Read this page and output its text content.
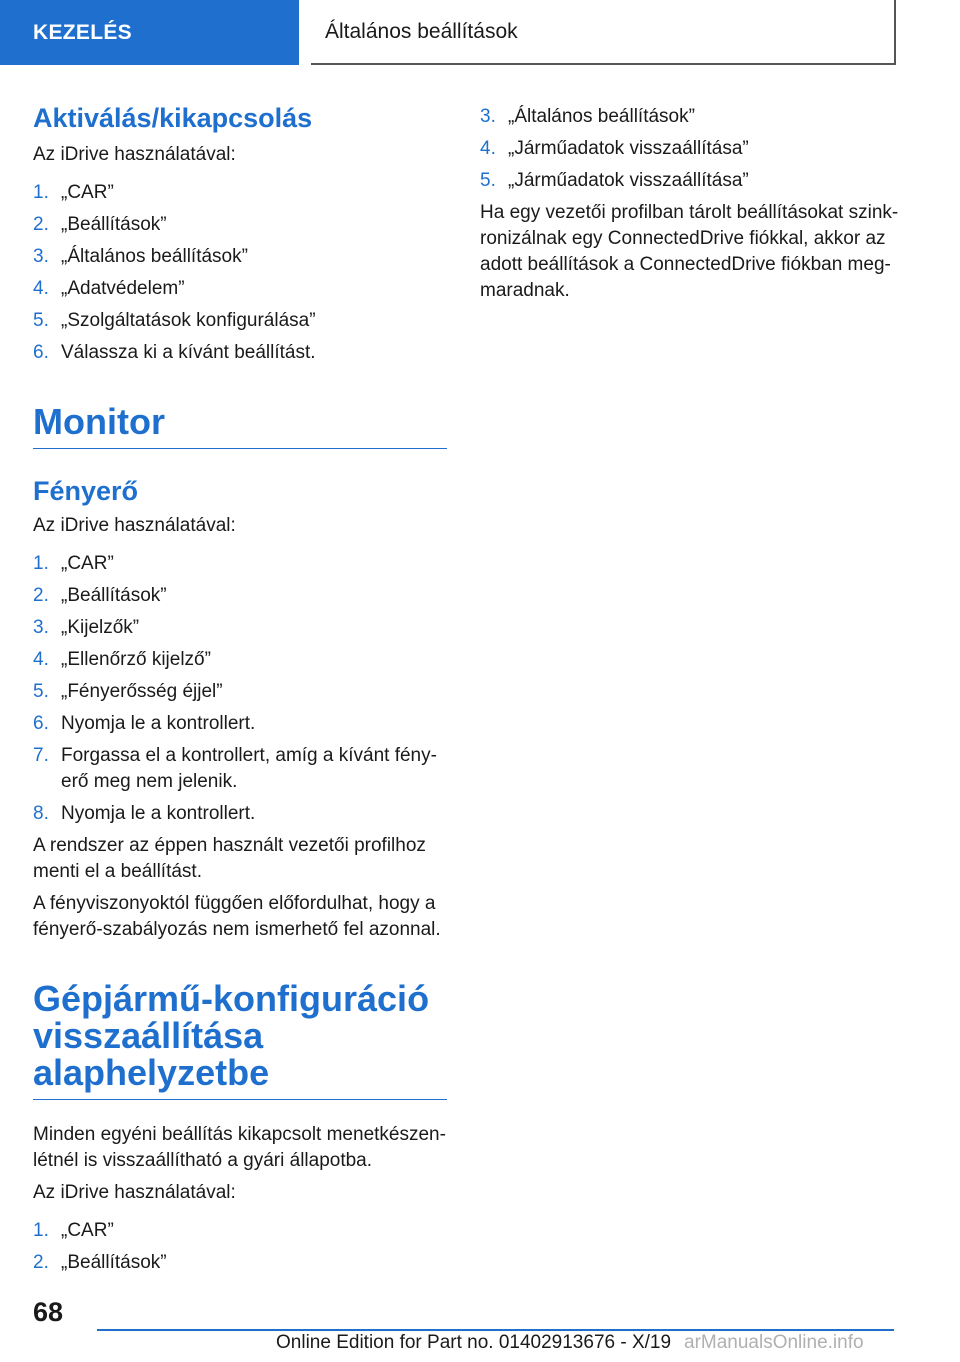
KEZELÉS	Általános beállítások
Aktiválás/kikapcsolás

Az iDrive használatával:

1. „CAR”
2. „Beállítások”
3. „Általános beállítások”
4. „Adatvédelem”
5. „Szolgáltatások konfigurálása”
6. Válassza ki a kívánt beállítást.
Monitor
Fényerő

Az iDrive használatával:

1. „CAR”
2. „Beállítások”
3. „Kijelzők”
4. „Ellenőrző kijelző”
5. „Fényerősség éjjel”
6. Nyomja le a kontrollert.
7. Forgassa el a kontrollert, amíg a kívánt fényerő meg nem jelenik.
8. Nyomja le a kontrollert.

A rendszer az éppen használt vezetői profilhoz menti el a beállítást.

A fényviszonyoktól függően előfordulhat, hogy a fényerő-szabályozás nem ismerhető fel azonnal.

Gépjármű-konfiguráció
visszaállítása
alaphelyzetbe

Minden egyéni beállítás kikapcsolt menetkészenlétnél is visszaállítható a gyári állapotba.

Az iDrive használatával:

1. „CAR”
2. „Beállítások”
3. „Általános beállítások”
4. „Járműadatok visszaállítása”
5. „Járműadatok visszaállítása”

Ha egy vezetői profilban tárolt beállításokat szinkronizálnak egy ConnectedDrive fiókkal, akkor az adott beállítások a ConnectedDrive fiókban megmaradnak.

68
Online Edition for Part no. 01402913676 - X/19 arManualsOnline.info
